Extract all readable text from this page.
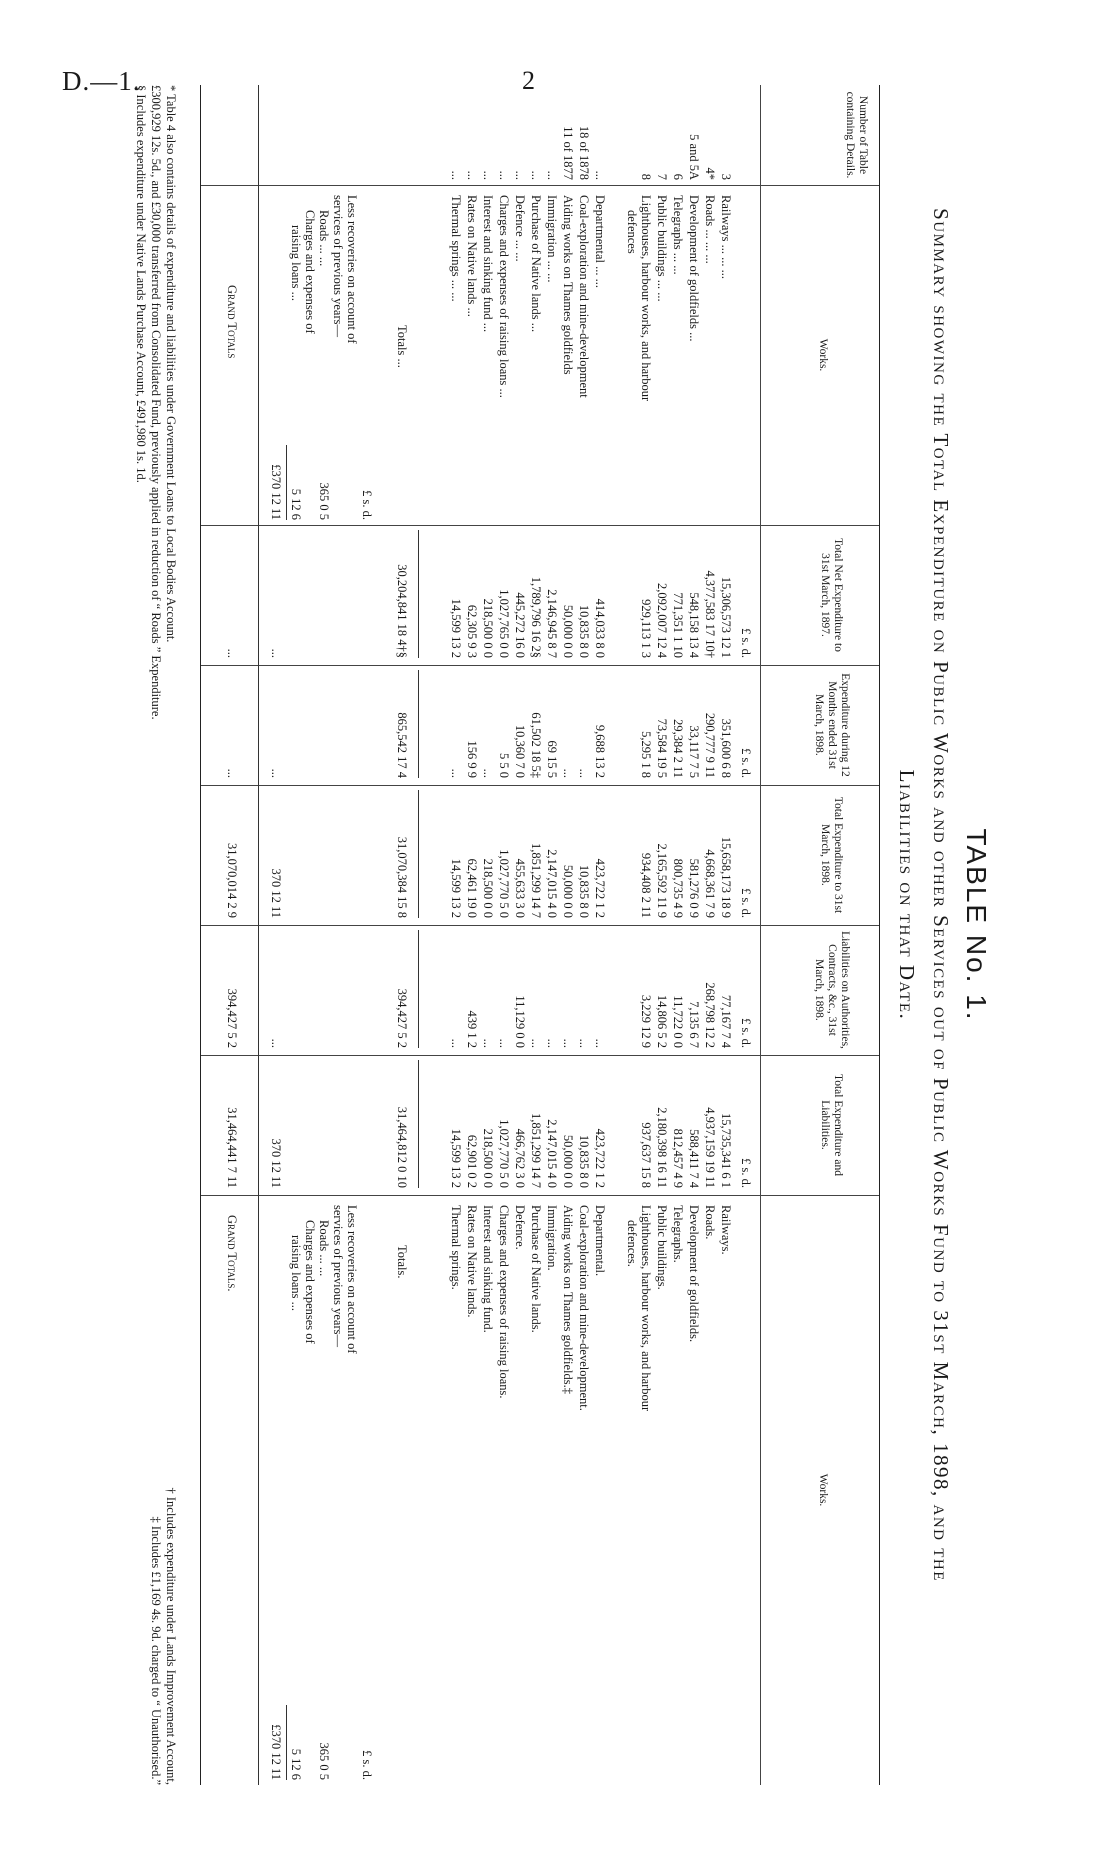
D.—1.	2
TABLE No. 1.
Summary showing the Total Expenditure on Public Works and other Services out of Public Works Fund to 31st March, 1898, and the
Liabilities on that Date.
Number of Table containing Details.
Works.
Total Net Expenditure to 31st March, 1897.
Expenditure during 12 Months ended 31st March, 1898.
Total Expenditure to 31st March, 1898.
Liabilities on Authorities, Contracts, &c., 31st March, 1898.
Total Expenditure and Liabilities.
Works.
£ s. d.
£ s. d.
£ s. d.
£ s. d.
£ s. d.
3
Railways ... ... ...
15,306,573 12 1
351,600 6 8
15,658,173 18 9
77,167 7 4
15,735,341 6 1
Railways.
4*
Roads ... ... ...
4,377,583 17 10†
290,777 9 11
4,668,361 7 9
268,798 12 2
4,937,159 19 11
Roads.
5 and 5A
Development of goldfields ...
548,158 13 4
33,117 7 5
581,276 0 9
7,135 6 7
588,411 7 4
Development of goldfields.
6
Telegraphs ... ...
771,351 1 10
29,384 2 11
800,735 4 9
11,722 0 0
812,457 4 9
Telegraphs.
7
Public buildings ... ...
2,092,007 12 4
73,584 19 5
2,165,592 11 9
14,806 5 2
2,180,398 16 11
Public buildings.
8
Lighthouses, harbour works, and harbour
929,113 1 3
5,295 1 8
934,408 2 11
3,229 12 9
937,637 15 8
Lighthouses, harbour works, and harbour
defences
defences.
...
Departmental ... ...
414,033 8 0
9,688 13 2
423,722 1 2
...
423,722 1 2
Departmental.
18 of 1878
Coal-exploration and mine-development
10,835 8 0
...
10,835 8 0
...
10,835 8 0
Coal-exploration and mine-development.
11 of 1877
Aiding works on Thames goldfields
50,000 0 0
...
50,000 0 0
...
50,000 0 0
Aiding works on Thames goldfields.‡
...
Immigration ... ...
2,146,945 8 7
69 15 5
2,147,015 4 0
...
2,147,015 4 0
Immigration.
...
Purchase of Native lands ...
1,789,796 16 2§
61,502 18 5‡
1,851,299 14 7
...
1,851,299 14 7
Purchase of Native lands.
...
Defence ... ...
445,272 16 0
10,360 7 0
455,633 3 0
11,129 0 0
466,762 3 0
Defence.
...
Charges and expenses of raising loans ...
1,027,765 0 0
5 5 0
1,027,770 5 0
...
1,027,770 5 0
Charges and expenses of raising loans.
...
Interest and sinking fund ...
218,500 0 0
...
218,500 0 0
...
218,500 0 0
Interest and sinking fund.
...
Rates on Native lands ...
62,305 9 3
156 9 9
62,461 19 0
439 1 2
62,901 0 2
Rates on Native lands.
...
Thermal springs ... ...
14,599 13 2
...
14,599 13 2
...
14,599 13 2
Thermal springs.
Totals ...
30,204,841 18 4†§
865,542 17 4
31,070,384 15 8
394,427 5 2
31,464,812 0 10
Totals.
£ s. d.
Less recoveries on account of
services of previous years—
Roads ... ...
365 0 5
Charges and expenses of
raising loans ...
5 12 6
£370 12 11
...
...
370 12 11
...
370 12 11
£ s. d.
Less recoveries on account of
services of previous years—
Roads ... ...
365 0 5
Charges and expenses of
raising loans ...
5 12 6
£370 12 11
Grand Totals
...
...
31,070,014 2 9
394,427 5 2
31,464,441 7 11
Grand Totals.
* Table 4 also contains details of expenditure and liabilities under Government Loans to Local Bodies Account.
† Includes expenditure under Lands Improvement Account,
£300,929 12s. 5d., and £30,000 transferred from Consolidated Fund, previously applied in reduction of “ Roads ” Expenditure.
‡ Includes £1,169 4s. 9d. charged to “ Unauthorised.”
§ Includes expenditure under Native Lands Purchase Account, £491,980 1s. 1d.
